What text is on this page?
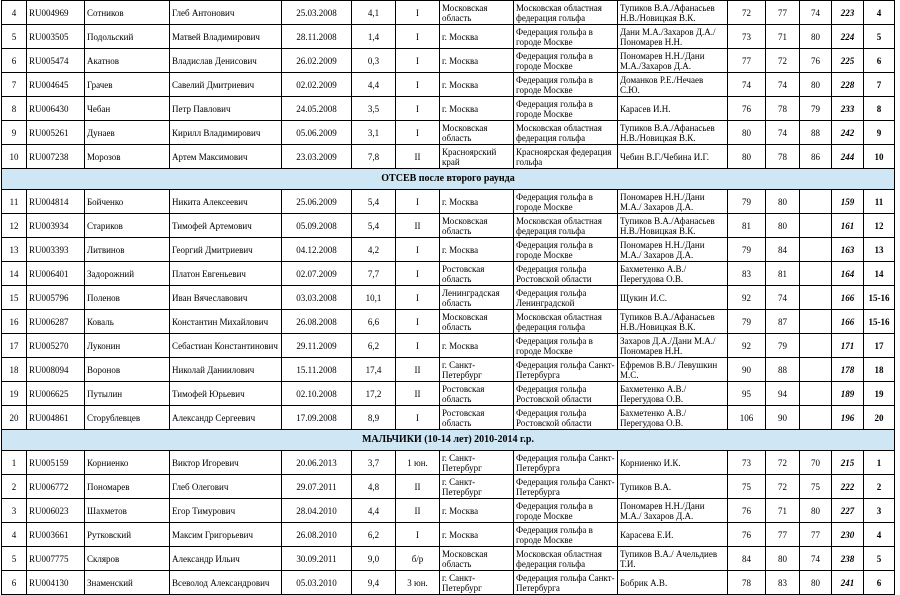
4	RU004969	Сотников	Глеб Антонович	25.03.2008	4,1	I	Московская область	Московская областная федерация гольфа	Тупиков В.А./Афанасьев Н.В./Новицкая В.К.	72	77	74	223	4
5	RU003505	Подольский	Матвей Владимирович	28.11.2008	1,4	I	г. Москва	Федерация гольфа в городе Москве	Дани М.А./Захаров Д.А./Пономарев Н.Н.	73	71	80	224	5
6	RU005474	Акатнов	Владислав Денисович	26.02.2009	0,3	I	г. Москва	Федерация гольфа в городе Москве	Пономарев Н.Н./Дани М.А./Захаров Д.А.	77	72	76	225	6
7	RU004645	Грачев	Савелий Дмитриевич	02.02.2009	4,4	I	г. Москва	Федерация гольфа в городе Москве	Доманков Р.Е./Нечаев С.Ю.	74	74	80	228	7
8	RU006430	Чебан	Петр Павлович	24.05.2008	3,5	I	г. Москва	Федерация гольфа в городе Москве	Карасев И.Н.	76	78	79	233	8
9	RU005261	Дунаев	Кирилл Владимирович	05.06.2009	3,1	I	Московская область	Московская областная федерация гольфа	Тупиков В.А./Афанасьев Н.В./Новицкая В.К.	80	74	88	242	9
10	RU007238	Морозов	Артем Максимович	23.03.2009	7,8	II	Красноярский край	Красноярская федерация гольфа	Чебин В.Г./Чебина И.Г.	80	78	86	244	10
ОТСЕВ после второго раунда														
11	RU004814	Бойченко	Никита Алексеевич	25.06.2009	5,4	I	г. Москва	Федерация гольфа в городе Москве	Пономарев Н.Н./Дани М.А./ Захаров Д.А.	79	80		159	11
12	RU003934	Стариков	Тимофей Артемович	05.09.2008	5,4	II	Московская область	Московская областная федерация гольфа	Тупиков В.А./Афанасьев Н.В./Новицкая В.К.	81	80		161	12
13	RU003393	Литвинов	Георгий Дмитриевич	04.12.2008	4,2	I	г. Москва	Федерация гольфа в городе Москве	Пономарев Н.Н./Дани М.А./ Захаров Д.А.	79	84		163	13
14	RU006401	Задорожний	Платон Евгеньевич	02.07.2009	7,7	I	Ростовская область	Федерация гольфа Ростовской области	Бахметенко А.В./ Перегудова О.В.	83	81		164	14
15	RU005796	Поленов	Иван Вячеславович	03.03.2008	10,1	I	Ленинградская область	Федерация гольфа Ленинградской	Щукин И.С.	92	74		166	15-16
16	RU006287	Коваль	Константин Михайлович	26.08.2008	6,6	I	Московская область	Московская областная федерация гольфа	Тупиков В.А./Афанасьев Н.В./Новицкая В.К.	79	87		166	15-16
17	RU005270	Луконин	Себастиан Константинович	29.11.2009	6,2	I	г. Москва	Федерация гольфа в городе Москве	Захаров Д.А./Дани М.А./Пономарев Н.Н.	92	79		171	17
18	RU008094	Воронов	Николай Даниилович	15.11.2008	17,4	II	г. Санкт-Петербург	Федерация гольфа Санкт-Петербурга	Ефремов В.В./ Левушкин М.С.	90	88		178	18
19	RU006625	Путылин	Тимофей Юрьевич	02.10.2008	17,2	II	Ростовская область	Федерация гольфа Ростовской области	Бахметенко А.В./ Перегудова О.В.	95	94		189	19
20	RU004861	Сторублевцев	Александр Сергеевич	17.09.2008	8,9	I	Ростовская область	Федерация гольфа Ростовской области	Бахметенко А.В./ Перегудова О.В.	106	90		196	20
МАЛЬЧИКИ (10-14 лет) 2010-2014 г.р.														
1	RU005159	Корниенко	Виктор Игоревич	20.06.2013	3,7	1 юн.	г. Санкт-Петербург	Федерация гольфа Санкт-Петербурга	Корниенко И.К.	73	72	70	215	1
2	RU006772	Пономарев	Глеб Олегович	29.07.2011	4,8	II	г. Санкт-Петербург	Федерация гольфа Санкт-Петербурга	Тупиков В.А.	75	72	75	222	2
3	RU006023	Шахметов	Егор Тимурович	28.04.2010	4,4	II	г. Москва	Федерация гольфа в городе Москве	Пономарев Н.Н./Дани М.А./ Захаров Д.А.	76	71	80	227	3
4	RU003661	Рутковский	Максим Григорьевич	26.08.2010	6,2	I	г. Москва	Федерация гольфа в городе Москве	Карасева Е.И.	76	77	77	230	4
5	RU007775	Скляров	Александр Ильич	30.09.2011	9,0	б/р	Московская область	Московская областная федерация гольфа	Тупиков В.А./ Ачельдиев Т.И.	84	80	74	238	5
6	RU004130	Знаменский	Всеволод Александрович	05.03.2010	9,4	3 юн.	г. Санкт-Петербург	Федерация гольфа Санкт-Петербурга	Бобрик А.В.	78	83	80	241	6
